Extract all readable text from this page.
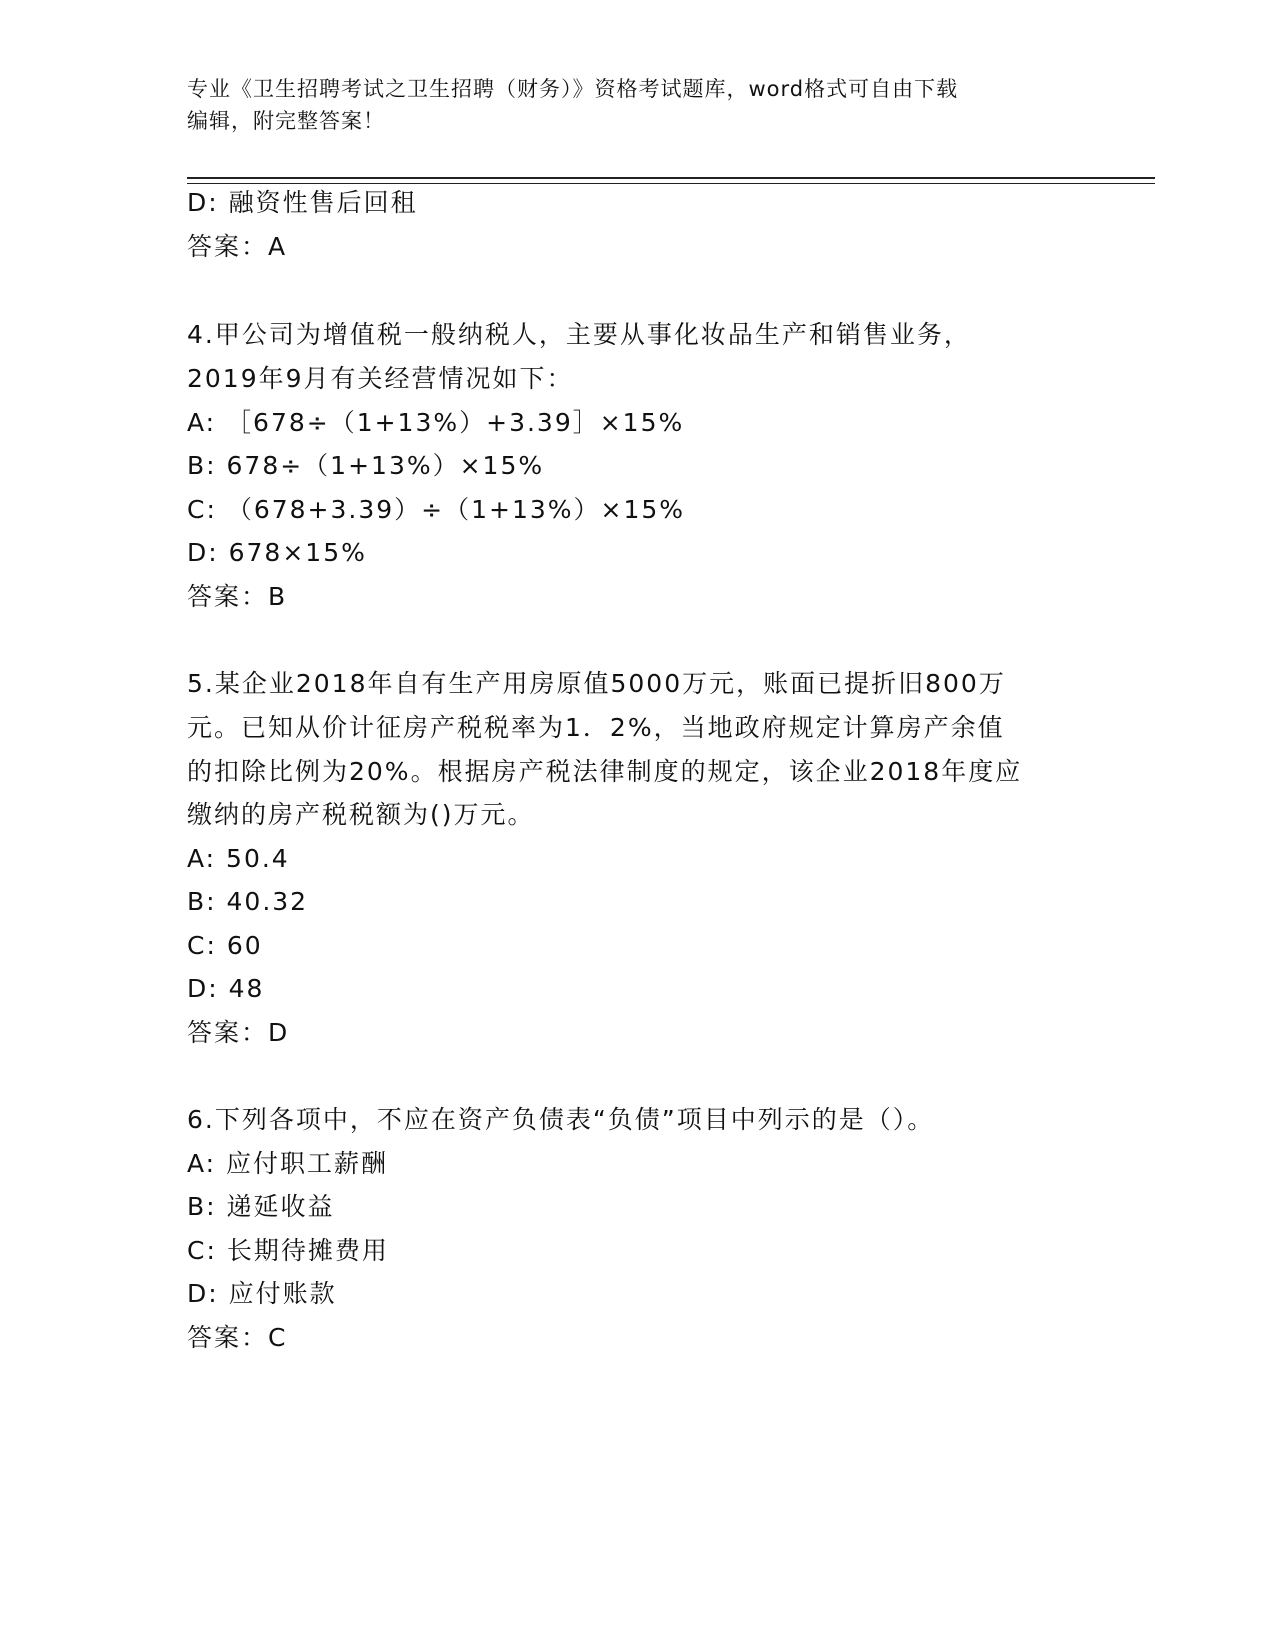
专业《卫生招聘考试之卫生招聘（财务）》资格考试题库，word格式可自由下载
编辑，附完整答案！
D: 融资性售后回租
答案：A
4.甲公司为增值税一般纳税人，主要从事化妆品生产和销售业务，
2019年9月有关经营情况如下：
A: ［678÷（1+13%）+3.39］×15%
B: 678÷（1+13%）×15%
C: （678+3.39）÷（1+13%）×15%
D: 678×15%
答案：B
5.某企业2018年自有生产用房原值5000万元，账面已提折旧800万
元。已知从价计征房产税税率为1．2%，当地政府规定计算房产余值
的扣除比例为20%。根据房产税法律制度的规定，该企业2018年度应
缴纳的房产税税额为()万元。
A: 50.4
B: 40.32
C: 60
D: 48
答案：D
6.下列各项中，不应在资产负债表“负债”项目中列示的是（）。
A: 应付职工薪酬
B: 递延收益
C: 长期待摊费用
D: 应付账款
答案：C
